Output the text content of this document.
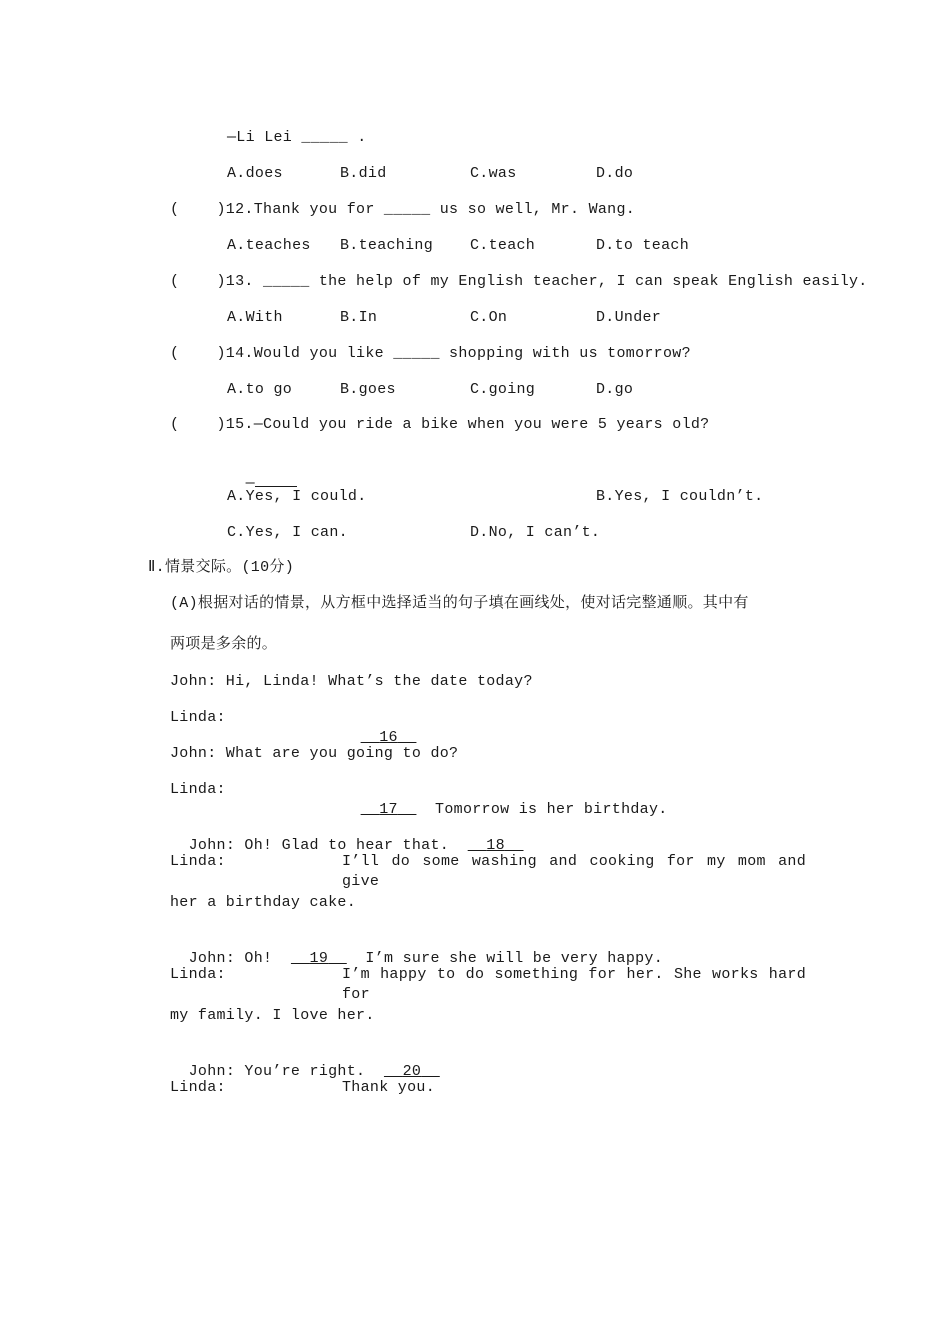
—Li Lei _____ .
A.does	B.did	C.was	D.do
(    )12.Thank you for _____ us so well, Mr. Wang.
A.teaches B.teaching C.teach	D.to teach
(    )13. _____ the help of my English teacher, I can speak English easily.
A.With	B.In	C.On	D.Under
(    )14.Would you like _____ shopping with us tomorrow?
A.to go	B.goes	C.going	D.go
(    )15.—Could you ride a bike when you were 5 years old?

—

A.Yes, I could.	B.Yes, I couldn’t.
C.Yes, I can.	D.No, I can’t.
Ⅱ.情景交际。(10分)
(A)根据对话的情景，从方框中选择适当的句子填在画线处，使对话完整通顺。其中有
两项是多余的。
John: Hi, Linda! What’s the date today?
Linda:

16

John: What are you going to do?
Linda:

17 Tomorrow is her birthday.

John: Oh! Glad to hear that. 18

Linda:	I’ll do some washing and cooking for my mom and give
her a birthday cake.

John: Oh! 19 I’m sure she will be very happy.

Linda:	I’m happy to do something for her. She works hard for
my family. I love her.

John: You’re right. 20

Linda:	Thank you.
